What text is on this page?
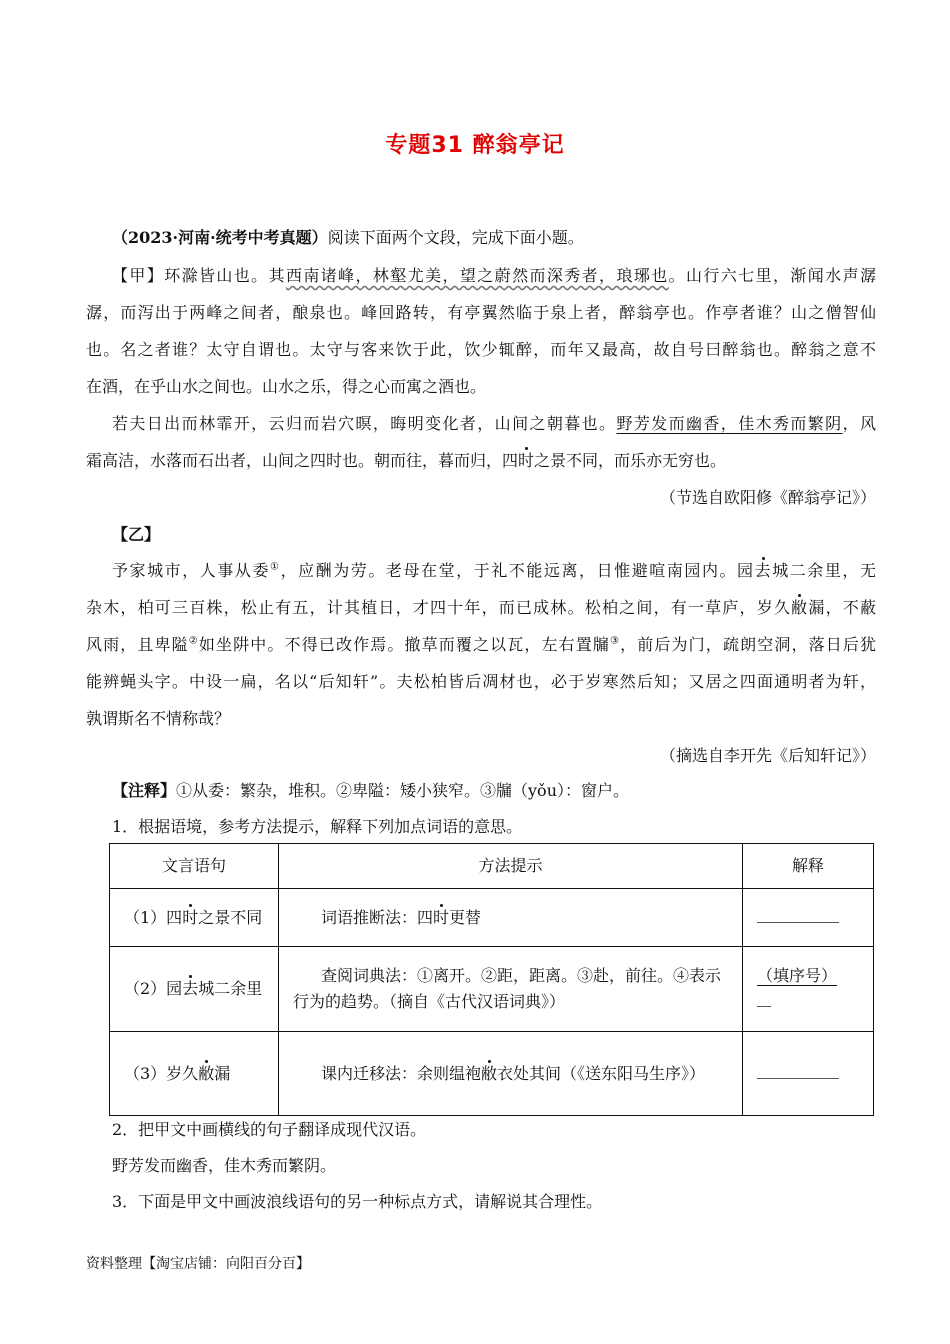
专题31 醉翁亭记
（2023·河南·统考中考真题）阅读下面两个文段，完成下面小题。
【甲】环滁皆山也。其西南诸峰，林壑尤美，望之蔚然而深秀者，琅琊也。山行六七里，渐闻水声潺
潺，而泻出于两峰之间者，酿泉也。峰回路转，有亭翼然临于泉上者，醉翁亭也。作亭者谁？山之僧智仙
也。名之者谁？太守自谓也。太守与客来饮于此，饮少辄醉，而年又最高，故自号曰醉翁也。醉翁之意不
在酒，在乎山水之间也。山水之乐，得之心而寓之酒也。
若夫日出而林霏开，云归而岩穴暝，晦明变化者，山间之朝暮也。野芳发而幽香，佳木秀而繁阴，风
霜高洁，水落而石出者，山间之四时也。朝而往，暮而归，四时之景不同，而乐亦无穷也。
（节选自欧阳修《醉翁亭记》）
【乙】
予家城市，人事从委①，应酬为劳。老母在堂，于礼不能远离，日惟避喧南园内。园去城二余里，无
杂木，柏可三百株，松止有五，计其植日，才四十年，而已成林。松柏之间，有一草庐，岁久敝漏，不蔽
风雨，且卑隘②如坐阱中。不得已改作焉。撤草而覆之以瓦，左右置牖③，前后为门，疏朗空洞，落日后犹
能辨蝇头字。中设一扁，名以“后知轩”。夫松柏皆后凋材也，必于岁寒然后知；又居之四面通明者为轩，
孰谓斯名不情称哉？
（摘选自李开先《后知轩记》）
【注释】①从委：繁杂，堆积。②卑隘：矮小狭窄。③牖（yǒu）：窗户。
1．根据语境，参考方法提示，解释下列加点词语的意思。
文言语句	方法提示	解释
（1）四时之景不同	词语推断法：四时更替	
（2）园去城二余里	查阅词典法：①离开。②距，距离。③赴，前往。④表示行为的趋势。（摘自《古代汉语词典》）	（填序号）

（3）岁久敝漏	课内迁移法：余则缊袍敝衣处其间（《送东阳马生序》）	
2．把甲文中画横线的句子翻译成现代汉语。
野芳发而幽香，佳木秀而繁阴。
3．下面是甲文中画波浪线语句的另一种标点方式，请解说其合理性。
资料整理【淘宝店铺：向阳百分百】
